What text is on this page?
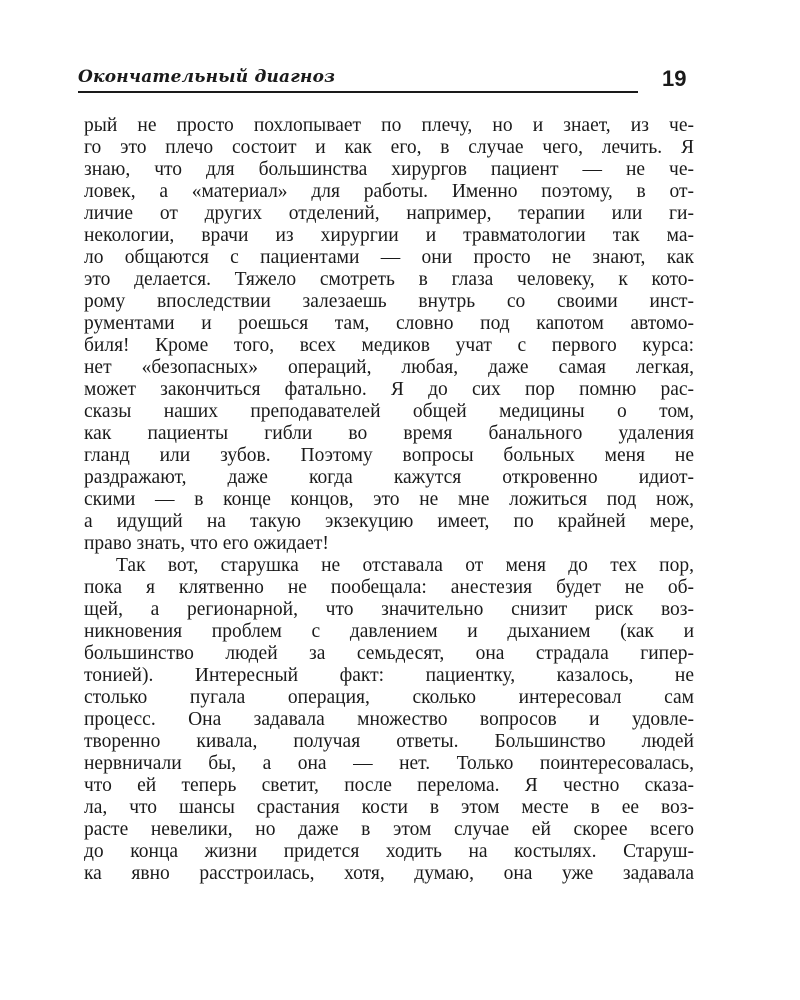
Окончательный диагноз	19
рый не просто похлопывает по плечу, но и знает, из че-
го это плечо состоит и как его, в случае чего, лечить. Я
знаю, что для большинства хирургов пациент — не че-
ловек, а «материал» для работы. Именно поэтому, в от-
личие от других отделений, например, терапии или ги-
некологии, врачи из хирургии и травматологии так ма-
ло общаются с пациентами — они просто не знают, как
это делается. Тяжело смотреть в глаза человеку, к кото-
рому впоследствии залезаешь внутрь со своими инст-
рументами и роешься там, словно под капотом автомо-
биля! Кроме того, всех медиков учат с первого курса:
нет «безопасных» операций, любая, даже самая легкая,
может закончиться фатально. Я до сих пор помню рас-
сказы наших преподавателей общей медицины о том,
как пациенты гибли во время банального удаления
гланд или зубов. Поэтому вопросы больных меня не
раздражают, даже когда кажутся откровенно идиот-
скими — в конце концов, это не мне ложиться под нож,
а идущий на такую экзекуцию имеет, по крайней мере,
право знать, что его ожидает!
Так вот, старушка не отставала от меня до тех пор,
пока я клятвенно не пообещала: анестезия будет не об-
щей, а регионарной, что значительно снизит риск воз-
никновения проблем с давлением и дыханием (как и
большинство людей за семьдесят, она страдала гипер-
тонией). Интересный факт: пациентку, казалось, не
столько пугала операция, сколько интересовал сам
процесс. Она задавала множество вопросов и удовле-
творенно кивала, получая ответы. Большинство людей
нервничали бы, а она — нет. Только поинтересовалась,
что ей теперь светит, после перелома. Я честно сказа-
ла, что шансы срастания кости в этом месте в ее воз-
расте невелики, но даже в этом случае ей скорее всего
до конца жизни придется ходить на костылях. Старуш-
ка явно расстроилась, хотя, думаю, она уже задавала
